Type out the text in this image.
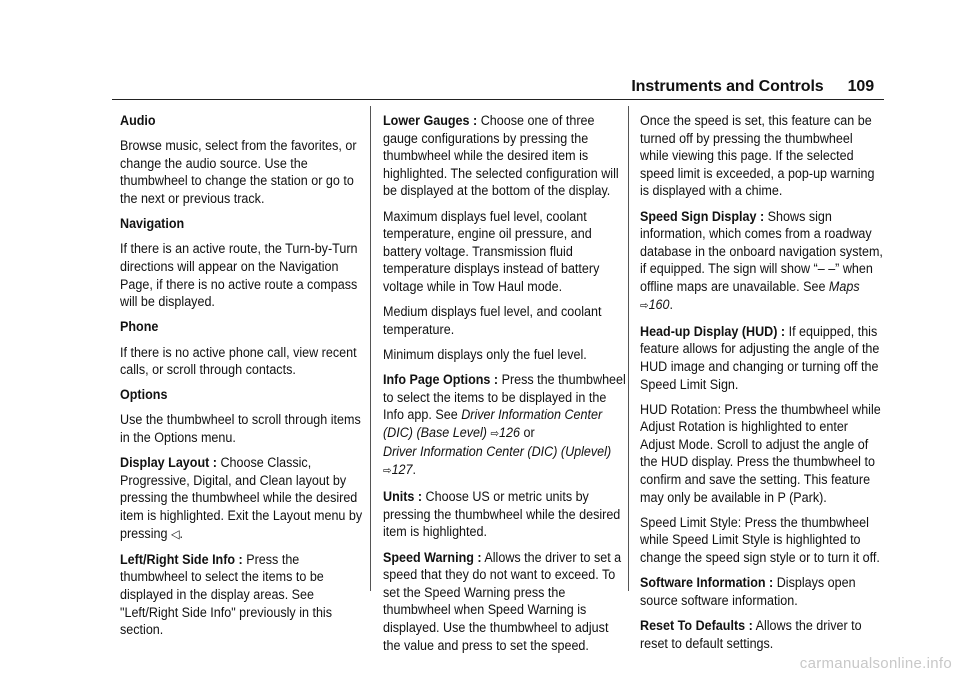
Instruments and Controls 109

Audio

Browse music, select from the favorites, or change the audio source. Use the thumbwheel to change the station or go to the next or previous track.

Navigation

If there is an active route, the Turn-by-Turn directions will appear on the Navigation Page, if there is no active route a compass will be displayed.

Phone

If there is no active phone call, view recent calls, or scroll through contacts.

Options

Use the thumbwheel to scroll through items in the Options menu.

Display Layout : Choose Classic, Progressive, Digital, and Clean layout by pressing the thumbwheel while the desired item is highlighted. Exit the Layout menu by pressing ◁.

Left/Right Side Info : Press the thumbwheel to select the items to be displayed in the display areas. See "Left/Right Side Info" previously in this section.

Lower Gauges : Choose one of three gauge configurations by pressing the thumbwheel while the desired item is highlighted. The selected configuration will be displayed at the bottom of the display.

Maximum displays fuel level, coolant temperature, engine oil pressure, and battery voltage. Transmission fluid temperature displays instead of battery voltage while in Tow Haul mode.

Medium displays fuel level, and coolant temperature.

Minimum displays only the fuel level.

Info Page Options : Press the thumbwheel to select the items to be displayed in the Info app. See Driver Information Center (DIC) (Base Level) ⇨126 or
Driver Information Center (DIC) (Uplevel)
⇨127.

Units : Choose US or metric units by pressing the thumbwheel while the desired item is highlighted.

Speed Warning : Allows the driver to set a speed that they do not want to exceed. To set the Speed Warning press the thumbwheel when Speed Warning is displayed. Use the thumbwheel to adjust the value and press to set the speed.

Once the speed is set, this feature can be turned off by pressing the thumbwheel while viewing this page. If the selected speed limit is exceeded, a pop-up warning is displayed with a chime.

Speed Sign Display : Shows sign information, which comes from a roadway database in the onboard navigation system, if equipped. The sign will show “– –” when offline maps are unavailable. See Maps
⇨160.

Head-up Display (HUD) : If equipped, this feature allows for adjusting the angle of the HUD image and changing or turning off the Speed Limit Sign.

HUD Rotation: Press the thumbwheel while Adjust Rotation is highlighted to enter Adjust Mode. Scroll to adjust the angle of the HUD display. Press the thumbwheel to confirm and save the setting. This feature may only be available in P (Park).

Speed Limit Style: Press the thumbwheel while Speed Limit Style is highlighted to change the speed sign style or to turn it off.

Software Information : Displays open source software information.

Reset To Defaults : Allows the driver to reset to default settings.

carmanualsonline.info
